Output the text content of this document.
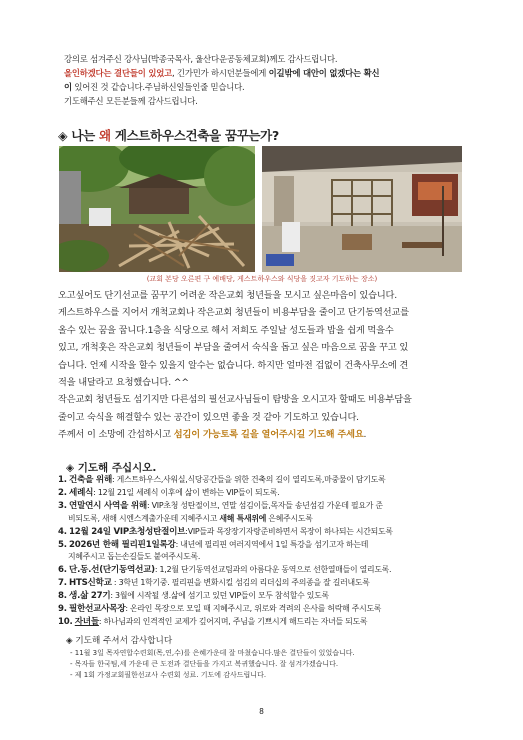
강의로 섬겨주신 강사님(박종국목사, 울산다운공동체교회)께도 감사드립니다.

올인하겠다는 결단들이 있었고, 긴가민가 하시던분들에게 이길밖에 대안이 없겠다는 확신

이 있어진 것 같습니다.주님하신일들인줄 믿습니다.

기도해주신 모든분들께 감사드립니다.

◈ 나는 왜 게스트하우스건축을 꿈꾸는가?
(교회 본당 오른편 구 예배당, 게스트하우스와 식당을 짓고자 기도하는 장소)

오고싶어도 단기선교를 꿈꾸기 어려운 작은교회 청년들을 모시고 싶은마음이 있습니다.

게스트하우스를 지어서 개척교회나 작은교회 청년들이 비용부담을 줄이고 단기동역선교를

올수 있는 꿈을 꿉니다.1층을 식당으로 해서 저희도 주일날 성도들과 밥을 쉽게 먹을수

있고, 개척훗은 작은교회 청년들이 부담을 줄여서 숙식을 돕고 싶은 마음으로 꿈을 꾸고 있

습니다. 언제 시작을 할수 있을지 알수는 없습니다. 하지만 얼마전 겁없이 건축사무소에 견

적을 내달라고 요청했습니다. ^^

작은교회 청년들도 섬기지만 다른섬의 필선교사님들이 탐방을 오시고자 할때도 비용부담을

줄이고 숙식을 해결할수 있는 공간이 있으면 좋을 것 같아 기도하고 있습니다.

주께서 이 소망에 간섭하시고 섬김이 가능토록 길을 열어주시길 기도해 주세요.

◈ 기도해 주십시오.

1. 건축을 위해: 게스트하우스,사워실,식당공간들을 위한 건축의 길이 열리도록,마중물이 담기도록

2. 세례식: 12월 21일 세례식 이후에 삶이 변하는 VIP들이 되도록.

3. 연말연시 사역을 위해: VIP초청 성탄절이브, 연말 섬김이들,목자들 송년섬김 가운데 필요가 준

비되도록, 새해 시엔스계출가운데 지혜주시고 새해 특새위에 은혜주시도록

4. 12월 24일 VIP초청성탄절이브:VIP들과 목장장기자랑준비하면서 목장이 하나되는 시간되도록

5. 2026년 한해 필리핀1일록강: 내년에 필리핀 여러지역에서 1일 특강을 섬기고자 하는데

지혜주시고 돕는손길들도 붙여주시도록.

6. 단.동.선(단기동역선교): 1,2월 단기동역선교팀과의 아름다운 동역으로 선한열매들이 열리도록.

7. HTS신학교 : 3학년 1학기중. 필리핀을 변화시킬 섬김의 리더십의 주의종을 잘 길러내도록

8. 생.삶 27기: 3월에 시작될 생.삶에 섬기고 있던 VIP들이 모두 참석할수 있도록

9. 필한선교사목장: 온라인 목장으로 모일 때 지혜주시고, 위로와 격려의 은사를 허락해 주시도록

10. 자녀들: 하나님과의 인격적인 교제가 깊어지며, 주님을 기쁘시게 해드리는 자녀들 되도록

◈ 기도해 주셔서 감사합니다

- 11월 3일 목자연합수련회(목,연,수)를 은혜가운데 잘 마쳤습니다.많은 결단들이 있었습니다.

- 목자들 한국팀,세 가운데 큰 도전과 결단들을 가지고 복귀했습니다. 잘 섬겨가겠습니다.

- 제 1회 가정교회필한선교사 수련회 성료. 기도에 감사드립니다.

8
